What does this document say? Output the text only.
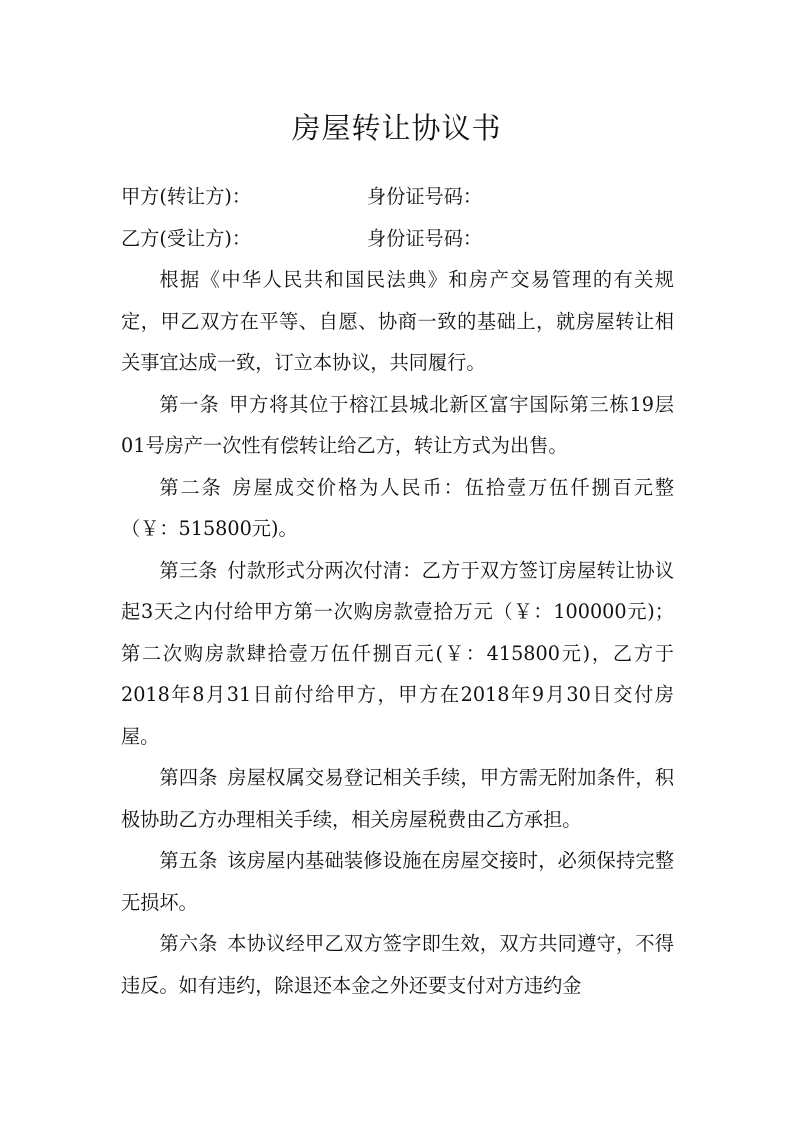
房屋转让协议书

甲方(转让方)：	身份证号码：

乙方(受让方)：	身份证号码：

根据《中华人民共和国民法典》和房产交易管理的有关规定，甲乙双方在平等、自愿、协商一致的基础上，就房屋转让相关事宜达成一致，订立本协议，共同履行。

第一条 甲方将其位于榕江县城北新区富宇国际第三栋19层01号房产一次性有偿转让给乙方，转让方式为出售。

第二条 房屋成交价格为人民币：伍拾壹万伍仟捌百元整（￥：515800元)。

第三条 付款形式分两次付清：乙方于双方签订房屋转让协议起3天之内付给甲方第一次购房款壹拾万元（￥：100000元)；第二次购房款肆拾壹万伍仟捌百元(￥：415800元)，乙方于2018年8月31日前付给甲方，甲方在2018年9月30日交付房屋。

第四条 房屋权属交易登记相关手续，甲方需无附加条件，积极协助乙方办理相关手续，相关房屋税费由乙方承担。

第五条 该房屋内基础装修设施在房屋交接时，必须保持完整无损坏。

第六条 本协议经甲乙双方签字即生效，双方共同遵守，不得违反。如有违约，除退还本金之外还要支付对方违约金
